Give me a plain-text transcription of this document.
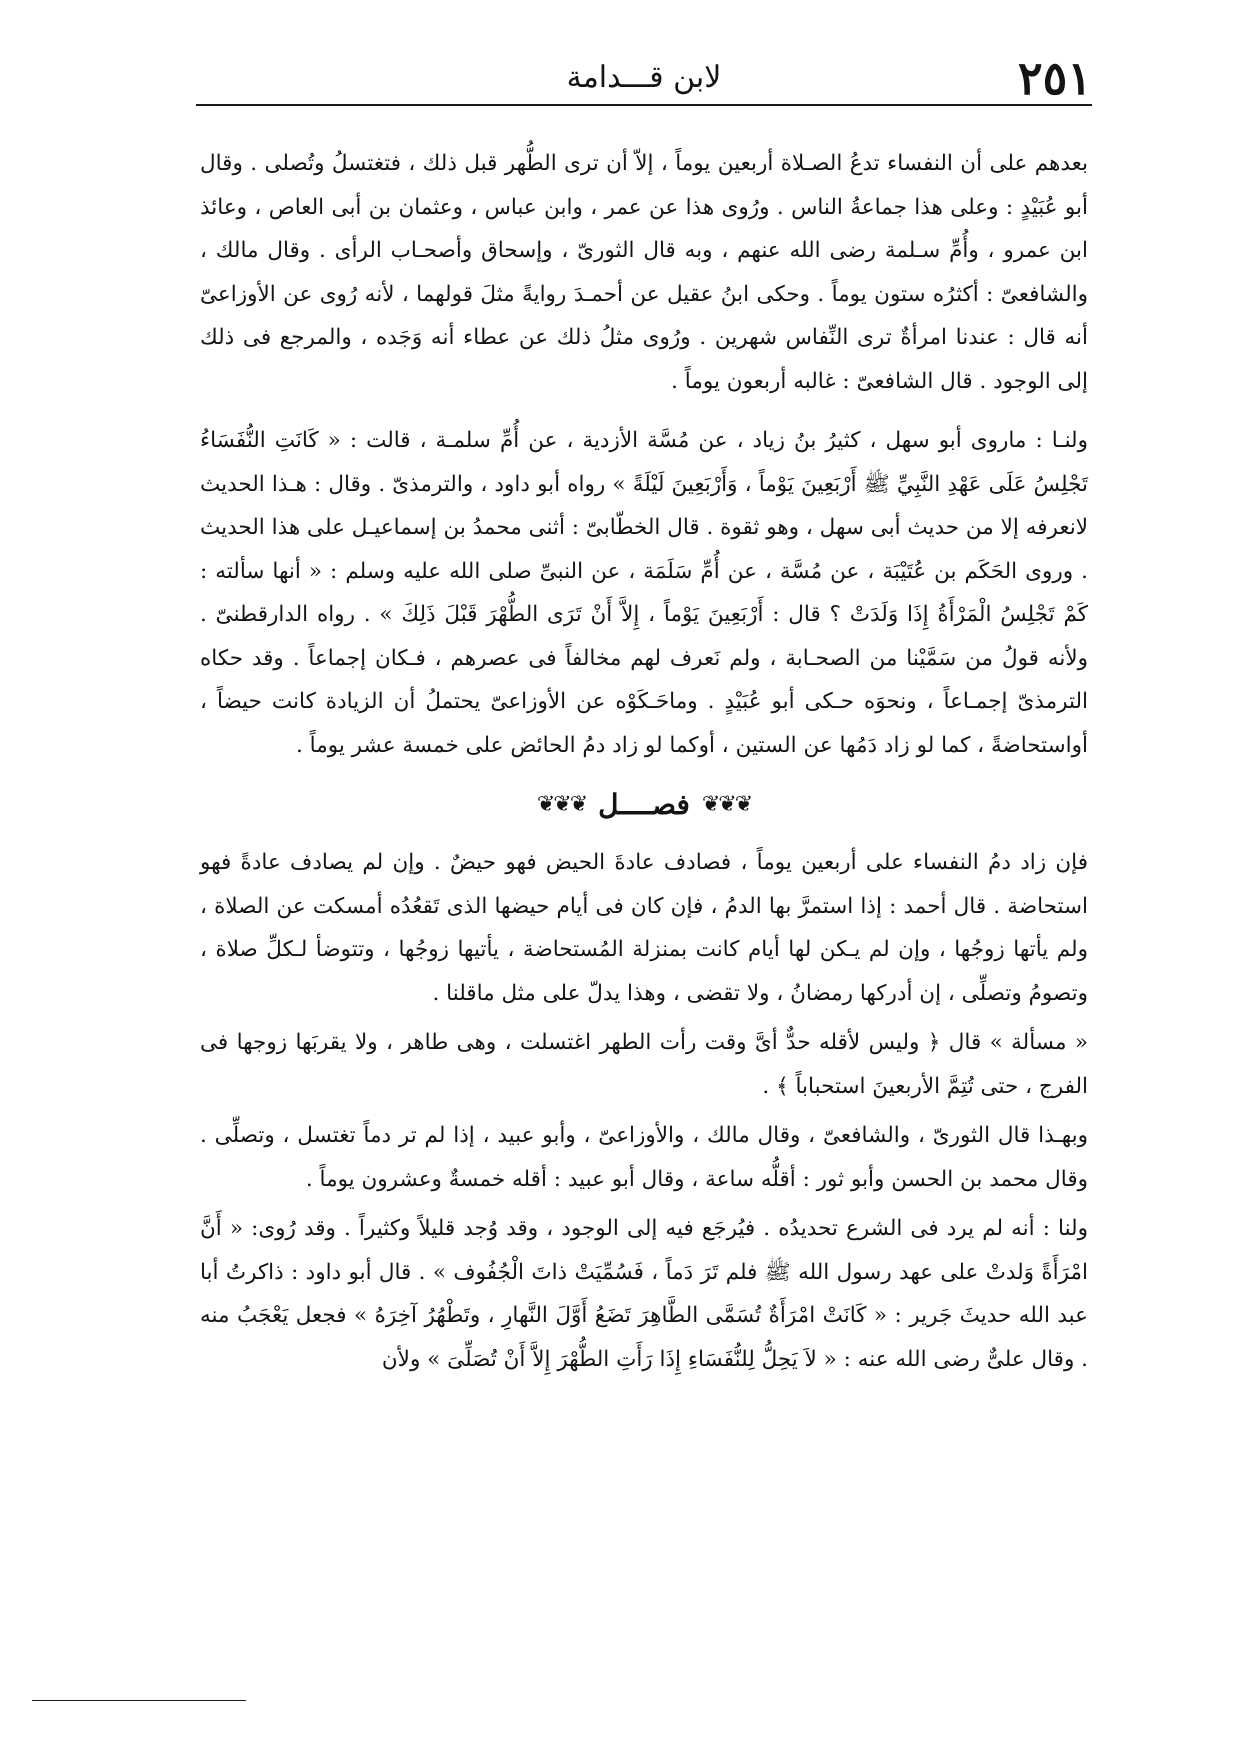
٢٥١
لابن قـــدامة

بعدهم على أن النفساء تدعُ الصـلاة أربعين يوماً ، إلاّ أن ترى الطُّهر قبل ذلك ، فتغتسلُ وتُصلى . وقال أبو عُبَيْدٍ : وعلى هذا جماعةُ الناس . ورُوى هذا عن عمر ، وابن عباس ، وعثمان بن أبى العاص ، وعائذ ابن عمرو ، وأُمِّ سـلمة رضى الله عنهم ، وبه قال الثورىّ ، وإسحاق وأصحـاب الرأى . وقال مالك ، والشافعىّ : أكثرُه ستون يوماً . وحكى ابنُ عقيل عن أحمـدَ روايةً مثلَ قولهما ، لأنه رُوى عن الأوزاعىّ أنه قال : عندنا امرأةٌ ترى النِّفاس شهرين . ورُوى مثلُ ذلك عن عطاء أنه وَجَده ، والمرجع فى ذلك إلى الوجود . قال الشافعىّ : غالبه أربعون يوماً .

ولنـا : ماروى أبو سهل ، كثيرُ بنُ زياد ، عن مُسَّة الأزدية ، عن أُمِّ سلمـة ، قالت : « كَانَتِ النُّفَسَاءُ تَجْلِسُ عَلَى عَهْدِ النَّبِيِّ ﷺ أَرْبَعِينَ يَوْماً ، وَأَرْبَعِينَ لَيْلَةً » رواه أبو داود ، والترمذىّ . وقال : هـذا الحديث لانعرفه إلا من حديث أبى سهل ، وهو ثقوة . قال الخطّابىّ : أثنى محمدُ بن إسماعيـل على هذا الحديث . وروى الحَكَم بن عُتَيْبَة ، عن مُسَّة ، عن أُمِّ سَلَمَة ، عن النبىِّ صلى الله عليه وسلم : « أنها سألته : كَمْ تَجْلِسُ الْمَرْأَةُ إِذَا وَلَدَتْ ؟ قال : أَرْبَعِينَ يَوْماً ، إِلاَّ أَنْ تَرَى الطُّهْرَ قَبْلَ ذَلِكَ » . رواه الدارقطنىّ . ولأنه قولُ من سَمَّيْنا من الصحـابة ، ولم نَعرف لهم مخالفاً فى عصرهم ، فـكان إجماعاً . وقد حكاه الترمذىّ إجمـاعاً ، ونحوَه حـكى أبو عُبَيْدٍ . وماحَـكَوْه عن الأوزاعىّ يحتملُ أن الزيادة كانت حيضاً ، أواستحاضةً ، كما لو زاد دَمُها عن الستين ، أوكما لو زاد دمُ الحائض على خمسة عشر يوماً .

❦❦❦
فصــــل
❦❦❦

فإن زاد دمُ النفساء على أربعين يوماً ، فصادف عادةَ الحيض فهو حيضٌ . وإن لم يصادف عادةً فهو استحاضة . قال أحمد : إذا استمرَّ بها الدمُ ، فإن كان فى أيام حيضها الذى تَقعُدُه أمسكت عن الصلاة ، ولم يأتها زوجُها ، وإن لم يـكن لها أيام كانت بمنزلة المُستحاضة ، يأتيها زوجُها ، وتتوضأ لـكلِّ صلاة ، وتصومُ وتصلِّى ، إن أدركها رمضانُ ، ولا تقضى ، وهذا يدلّ على مثل ماقلنا .

« مسألة » قال ﴿ وليس لأقله حدٌّ أىَّ وقت رأت الطهر اغتسلت ، وهى طاهر ، ولا يقربَها زوجها فى الفرج ، حتى تُتِمَّ الأربعينَ استحباباً ﴾ .

وبهـذا قال الثورىّ ، والشافعىّ ، وقال مالك ، والأوزاعىّ ، وأبو عبيد ، إذا لم تر دماً تغتسل ، وتصلِّى . وقال محمد بن الحسن وأبو ثور : أقلُّه ساعة ، وقال أبو عبيد : أقله خمسةٌ وعشرون يوماً .

ولنا : أنه لم يرد فى الشرع تحديدُه . فيُرجَع فيه إلى الوجود ، وقد وُجد قليلاً وكثيراً . وقد رُوى: « أَنَّ امْرَأَةً وَلدتْ على عهد رسول الله ﷺ فلم تَرَ دَماً ، فَسُمِّيَتْ ذاتَ الْجُفُوف » . قال أبو داود : ذاكرتُ أبا عبد الله حديثَ جَرير : « كَانَتْ امْرَأَةٌ تُسَمَّى الطَّاهِرَ تَضَعُ أَوَّلَ النَّهارِ ، وتَطْهُرُ آخِرَهُ » فجعل يَعْجَبُ منه . وقال علىٌّ رضى الله عنه : « لاَ يَحِلُّ لِلنُّفَسَاءِ إِذَا رَأَتِ الطُّهْرَ إِلاَّ أَنْ تُصَلِّىَ » ولأن
